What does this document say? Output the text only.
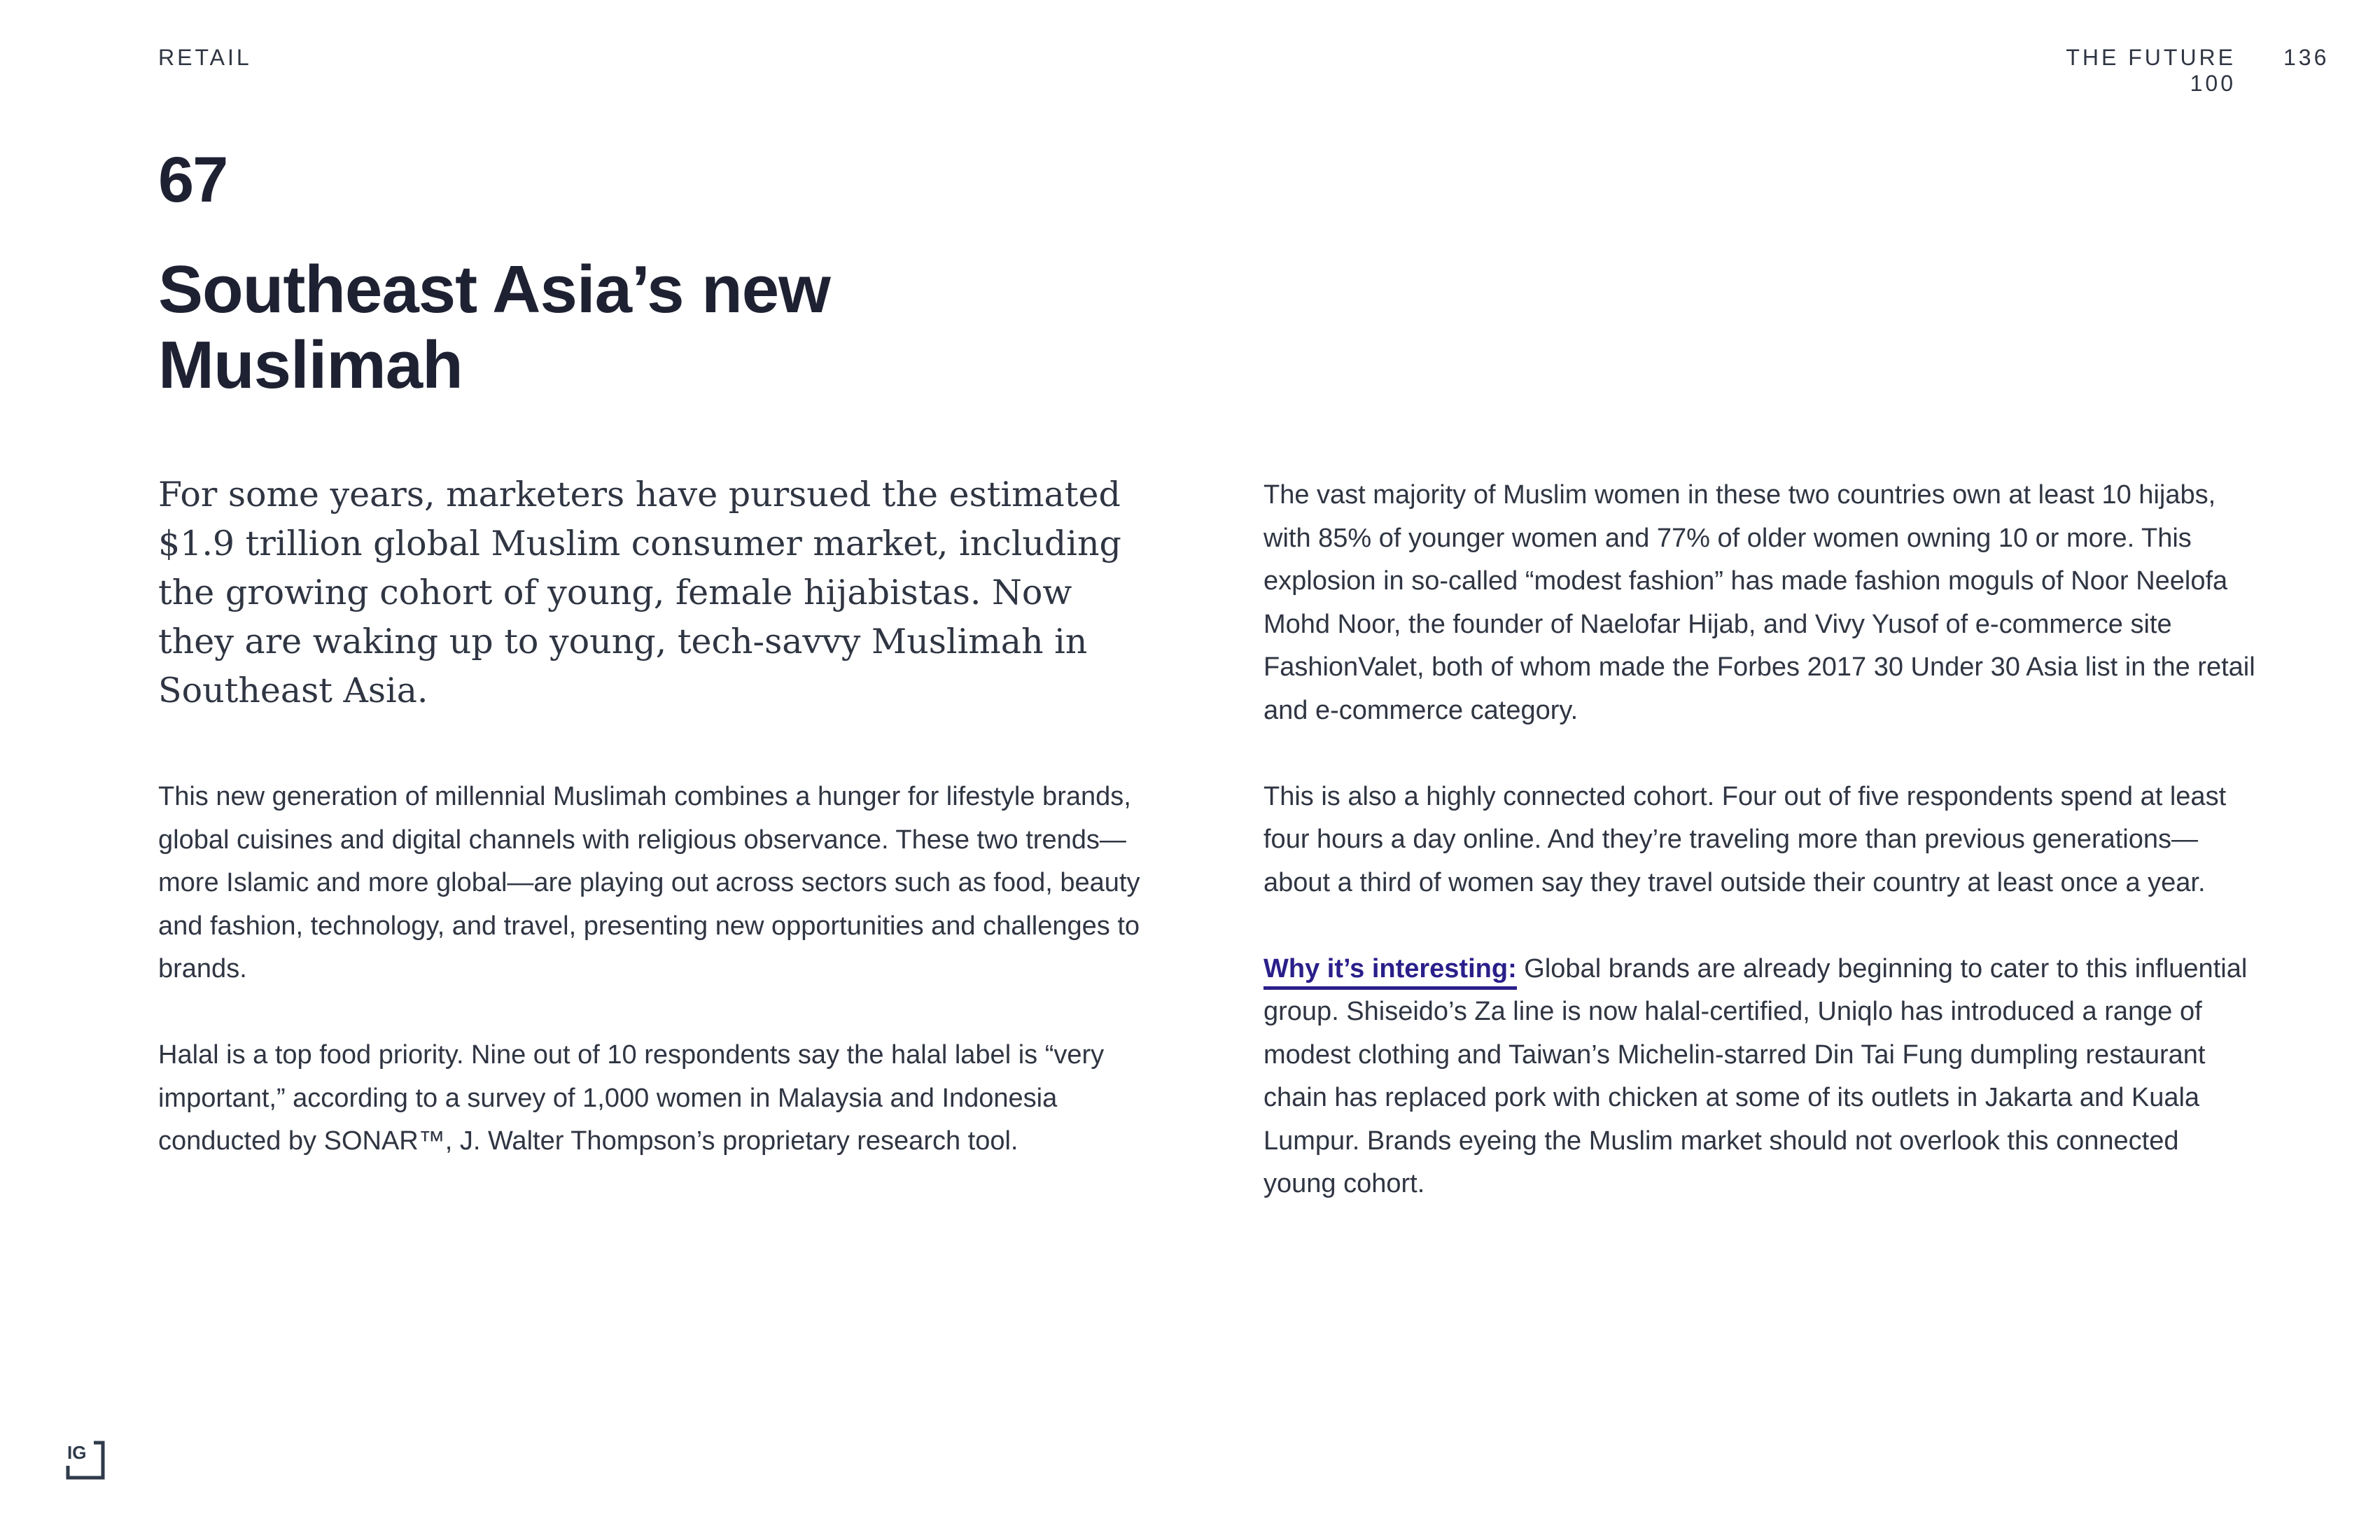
RETAIL	THE FUTURE 100
136
67
Southeast Asia’s new Muslimah

For some years, marketers have pursued the estimated $1.9 trillion global Muslim consumer market, including the growing cohort of young, female hijabistas. Now they are waking up to young, tech-savvy Muslimah in Southeast Asia.

This new generation of millennial Muslimah combines a hunger for lifestyle brands, global cuisines and digital channels with religious observance. These two trends—more Islamic and more global—are playing out across sectors such as food, beauty and fashion, technology, and travel, presenting new opportunities and challenges to brands.

Halal is a top food priority. Nine out of 10 respondents say the halal label is “very important,” according to a survey of 1,000 women in Malaysia and Indonesia conducted by SONAR™, J. Walter Thompson’s proprietary research tool.

The vast majority of Muslim women in these two countries own at least 10 hijabs, with 85% of younger women and 77% of older women owning 10 or more. This explosion in so-called “modest fashion” has made fashion moguls of Noor Neelofa Mohd Noor, the founder of Naelofar Hijab, and Vivy Yusof of e-commerce site FashionValet, both of whom made the Forbes 2017 30 Under 30 Asia list in the retail and e-commerce category.

This is also a highly connected cohort. Four out of five respondents spend at least four hours a day online. And they’re traveling more than previous generations—about a third of women say they travel outside their country at least once a year.

Why it’s interesting: Global brands are already beginning to cater to this influential group. Shiseido’s Za line is now halal-certified, Uniqlo has introduced a range of modest clothing and Taiwan’s Michelin-starred Din Tai Fung dumpling restaurant chain has replaced pork with chicken at some of its outlets in Jakarta and Kuala Lumpur. Brands eyeing the Muslim market should not overlook this connected young cohort.

IG
